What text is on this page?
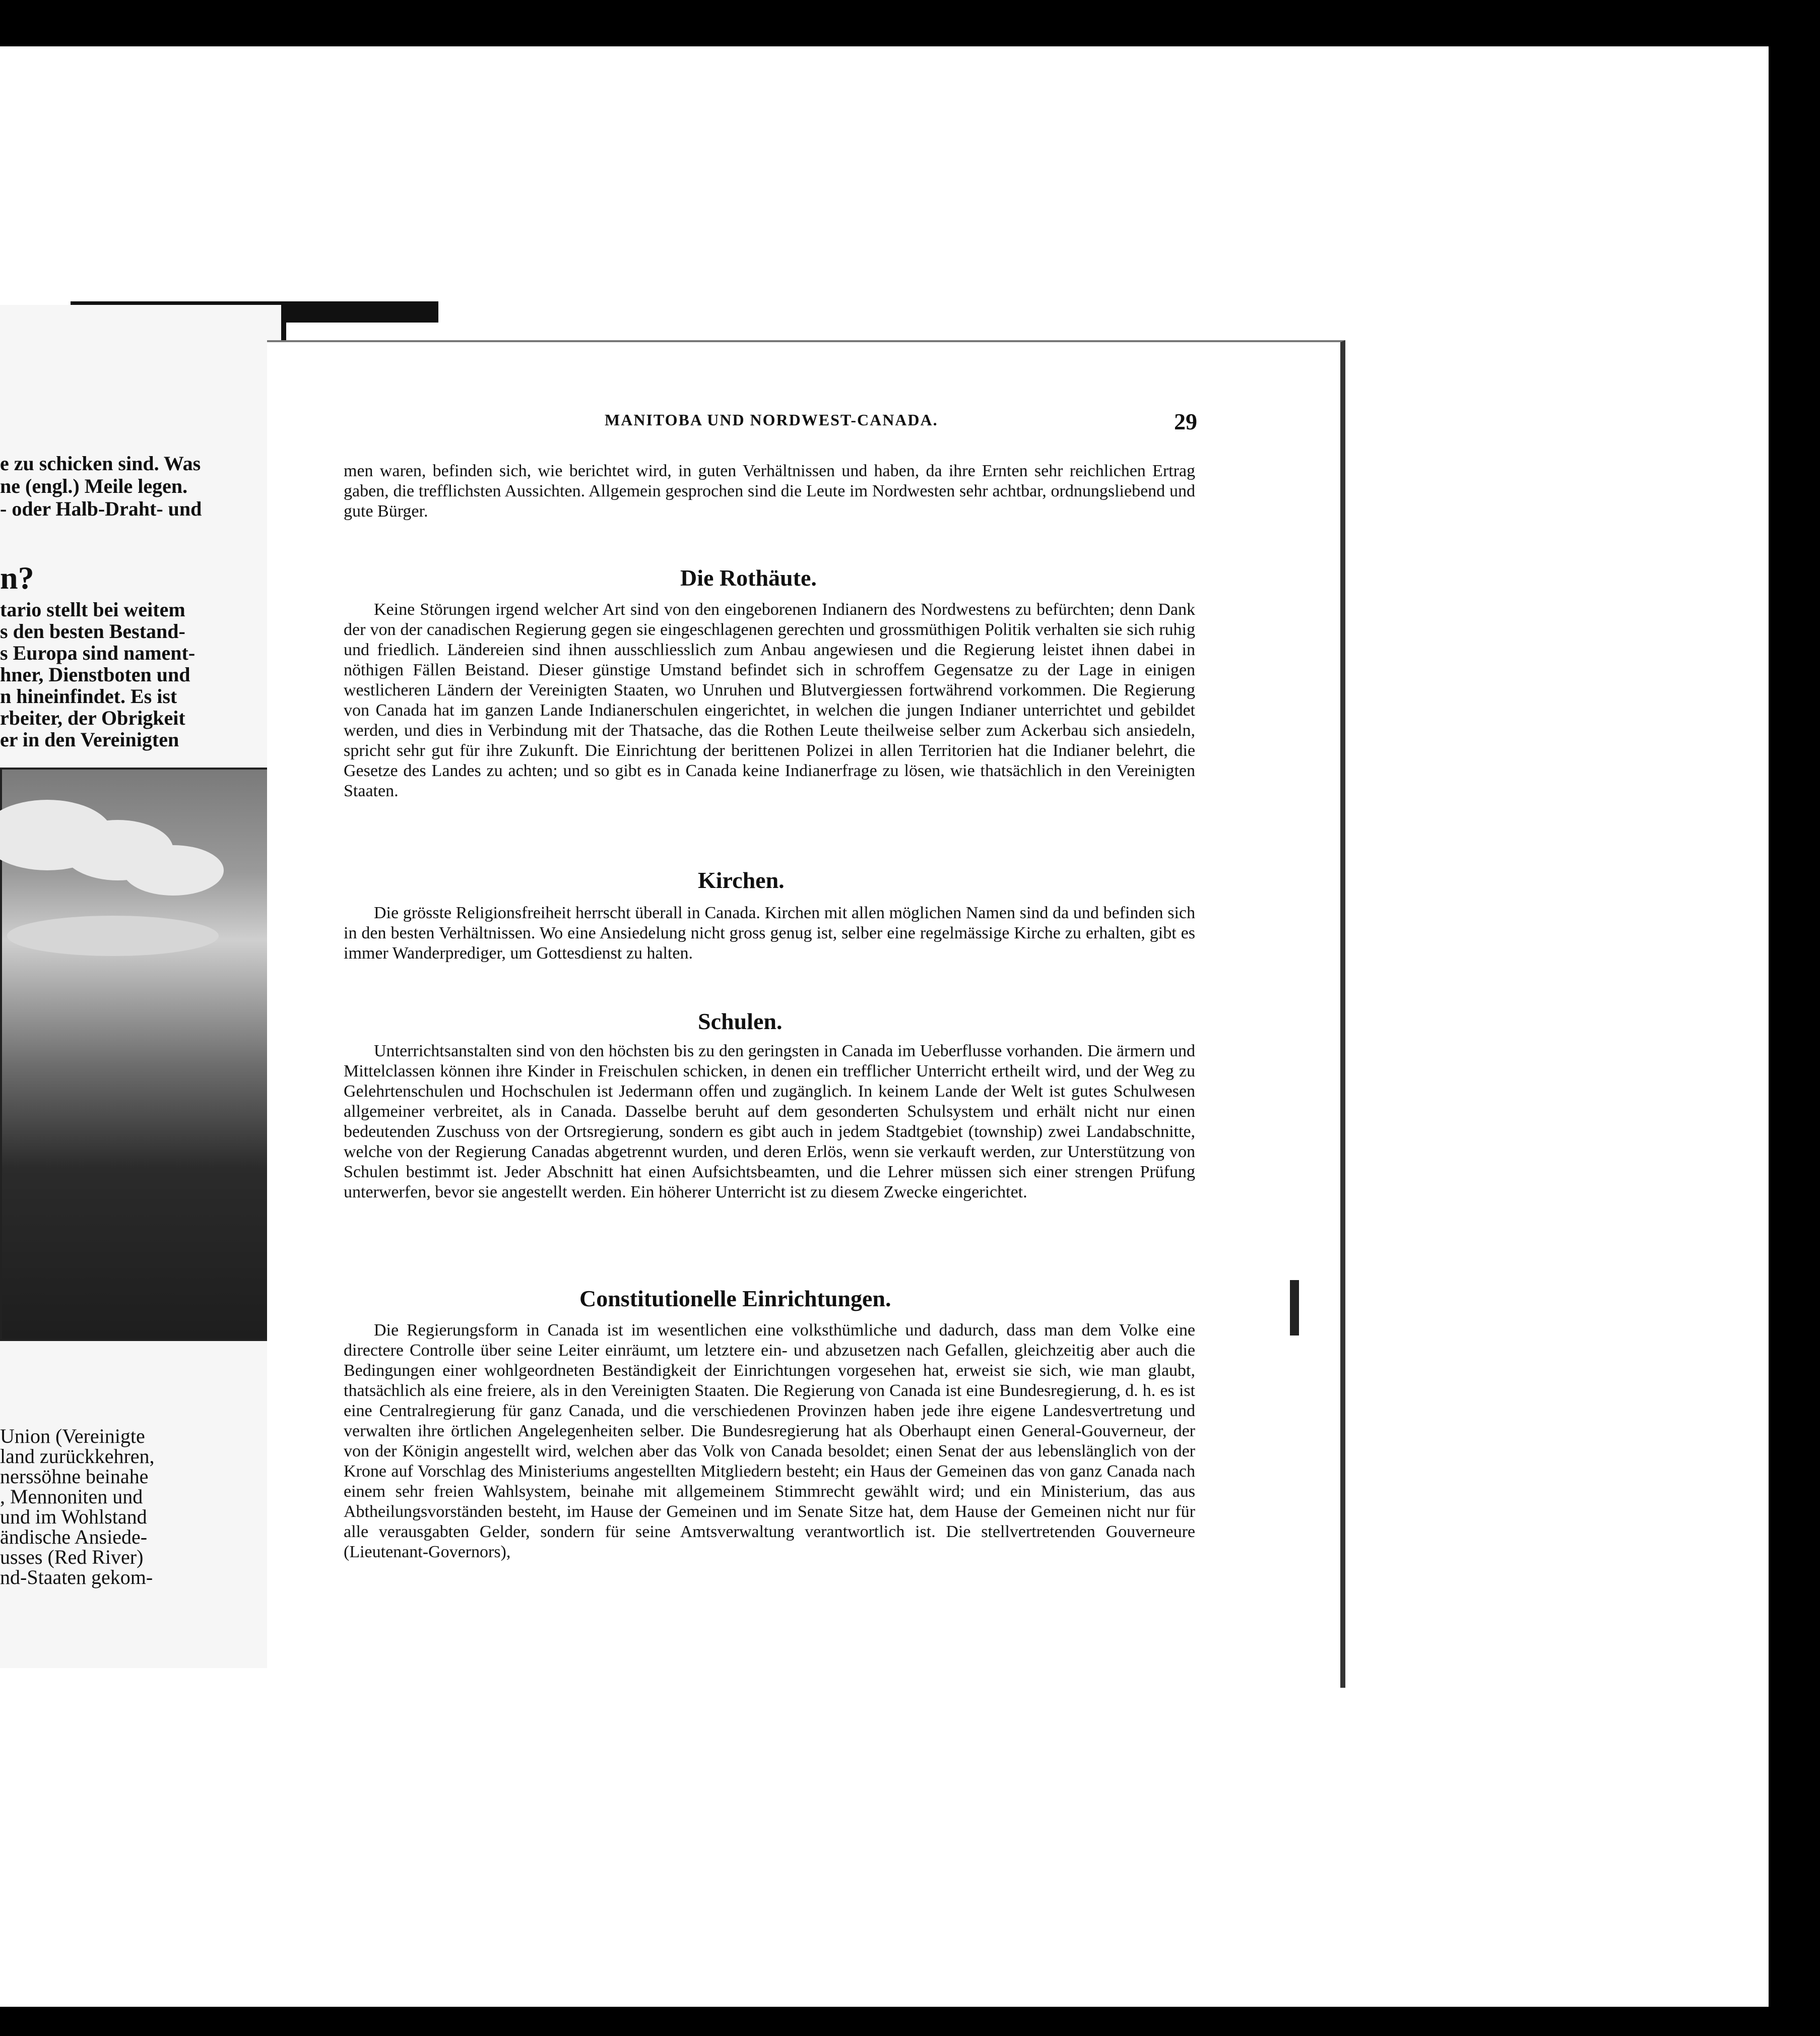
e zu schicken sind. Was
ne (engl.) Meile legen.
- oder Halb-Draht- und
n?
tario stellt bei weitem
s den besten Bestand-
s Europa sind nament-
hner, Dienstboten und
n hineinfindet. Es ist
rbeiter, der Obrigkeit
er in den Vereinigten
Union (Vereinigte
land zurückkehren,
nerssöhne beinahe
, Mennoniten und
und im Wohlstand
ändische Ansiede-
usses (Red River)
nd-Staaten gekom-
MANITOBA UND NORDWEST-CANADA.	29

men waren, befinden sich, wie berichtet wird, in guten Verhältnissen und haben, da ihre Ernten sehr reichlichen Ertrag gaben, die trefflichsten Aussichten. Allgemein gesprochen sind die Leute im Nordwesten sehr achtbar, ordnungsliebend und gute Bürger.

Die Rothäute.

Keine Störungen irgend welcher Art sind von den eingeborenen Indianern des Nordwestens zu befürchten; denn Dank der von der canadischen Regierung gegen sie eingeschlagenen gerechten und grossmüthigen Politik verhalten sie sich ruhig und friedlich. Ländereien sind ihnen ausschliesslich zum Anbau angewiesen und die Regierung leistet ihnen dabei in nöthigen Fällen Beistand. Dieser günstige Umstand befindet sich in schroffem Gegensatze zu der Lage in einigen westlicheren Ländern der Vereinigten Staaten, wo Unruhen und Blutvergiessen fortwährend vorkommen. Die Regierung von Canada hat im ganzen Lande Indianerschulen eingerichtet, in welchen die jungen Indianer unterrichtet und gebildet werden, und dies in Verbindung mit der Thatsache, das die Rothen Leute theilweise selber zum Ackerbau sich ansiedeln, spricht sehr gut für ihre Zukunft. Die Einrichtung der berittenen Polizei in allen Territorien hat die Indianer belehrt, die Gesetze des Landes zu achten; und so gibt es in Canada keine Indianerfrage zu lösen, wie thatsächlich in den Vereinigten Staaten.

Kirchen.

Die grösste Religionsfreiheit herrscht überall in Canada. Kirchen mit allen möglichen Namen sind da und befinden sich in den besten Verhältnissen. Wo eine Ansiedelung nicht gross genug ist, selber eine regelmässige Kirche zu erhalten, gibt es immer Wanderprediger, um Gottesdienst zu halten.

Schulen.

Unterrichtsanstalten sind von den höchsten bis zu den geringsten in Canada im Ueberflusse vorhanden. Die ärmern und Mittelclassen können ihre Kinder in Freischulen schicken, in denen ein trefflicher Unterricht ertheilt wird, und der Weg zu Gelehrtenschulen und Hochschulen ist Jedermann offen und zugänglich. In keinem Lande der Welt ist gutes Schulwesen allgemeiner verbreitet, als in Canada. Dasselbe beruht auf dem gesonderten Schulsystem und erhält nicht nur einen bedeutenden Zuschuss von der Ortsregierung, sondern es gibt auch in jedem Stadtgebiet (township) zwei Landabschnitte, welche von der Regierung Canadas abgetrennt wurden, und deren Erlös, wenn sie verkauft werden, zur Unterstützung von Schulen bestimmt ist. Jeder Abschnitt hat einen Aufsichtsbeamten, und die Lehrer müssen sich einer strengen Prüfung unterwerfen, bevor sie angestellt werden. Ein höherer Unterricht ist zu diesem Zwecke eingerichtet.

Constitutionelle Einrichtungen.

Die Regierungsform in Canada ist im wesentlichen eine volksthümliche und dadurch, dass man dem Volke eine directere Controlle über seine Leiter einräumt, um letztere ein- und abzusetzen nach Gefallen, gleichzeitig aber auch die Bedingungen einer wohlgeordneten Beständigkeit der Einrichtungen vorgesehen hat, erweist sie sich, wie man glaubt, thatsächlich als eine freiere, als in den Vereinigten Staaten. Die Regierung von Canada ist eine Bundesregierung, d. h. es ist eine Centralregierung für ganz Canada, und die verschiedenen Provinzen haben jede ihre eigene Landesvertretung und verwalten ihre örtlichen Angelegenheiten selber. Die Bundesregierung hat als Oberhaupt einen General-Gouverneur, der von der Königin angestellt wird, welchen aber das Volk von Canada besoldet; einen Senat der aus lebenslänglich von der Krone auf Vorschlag des Ministeriums angestellten Mitgliedern besteht; ein Haus der Gemeinen das von ganz Canada nach einem sehr freien Wahlsystem, beinahe mit allgemeinem Stimmrecht gewählt wird; und ein Ministerium, das aus Abtheilungsvorständen besteht, im Hause der Gemeinen und im Senate Sitze hat, dem Hause der Gemeinen nicht nur für alle verausgabten Gelder, sondern für seine Amtsverwaltung verantwortlich ist. Die stellvertretenden Gouverneure (Lieutenant-Governors),
